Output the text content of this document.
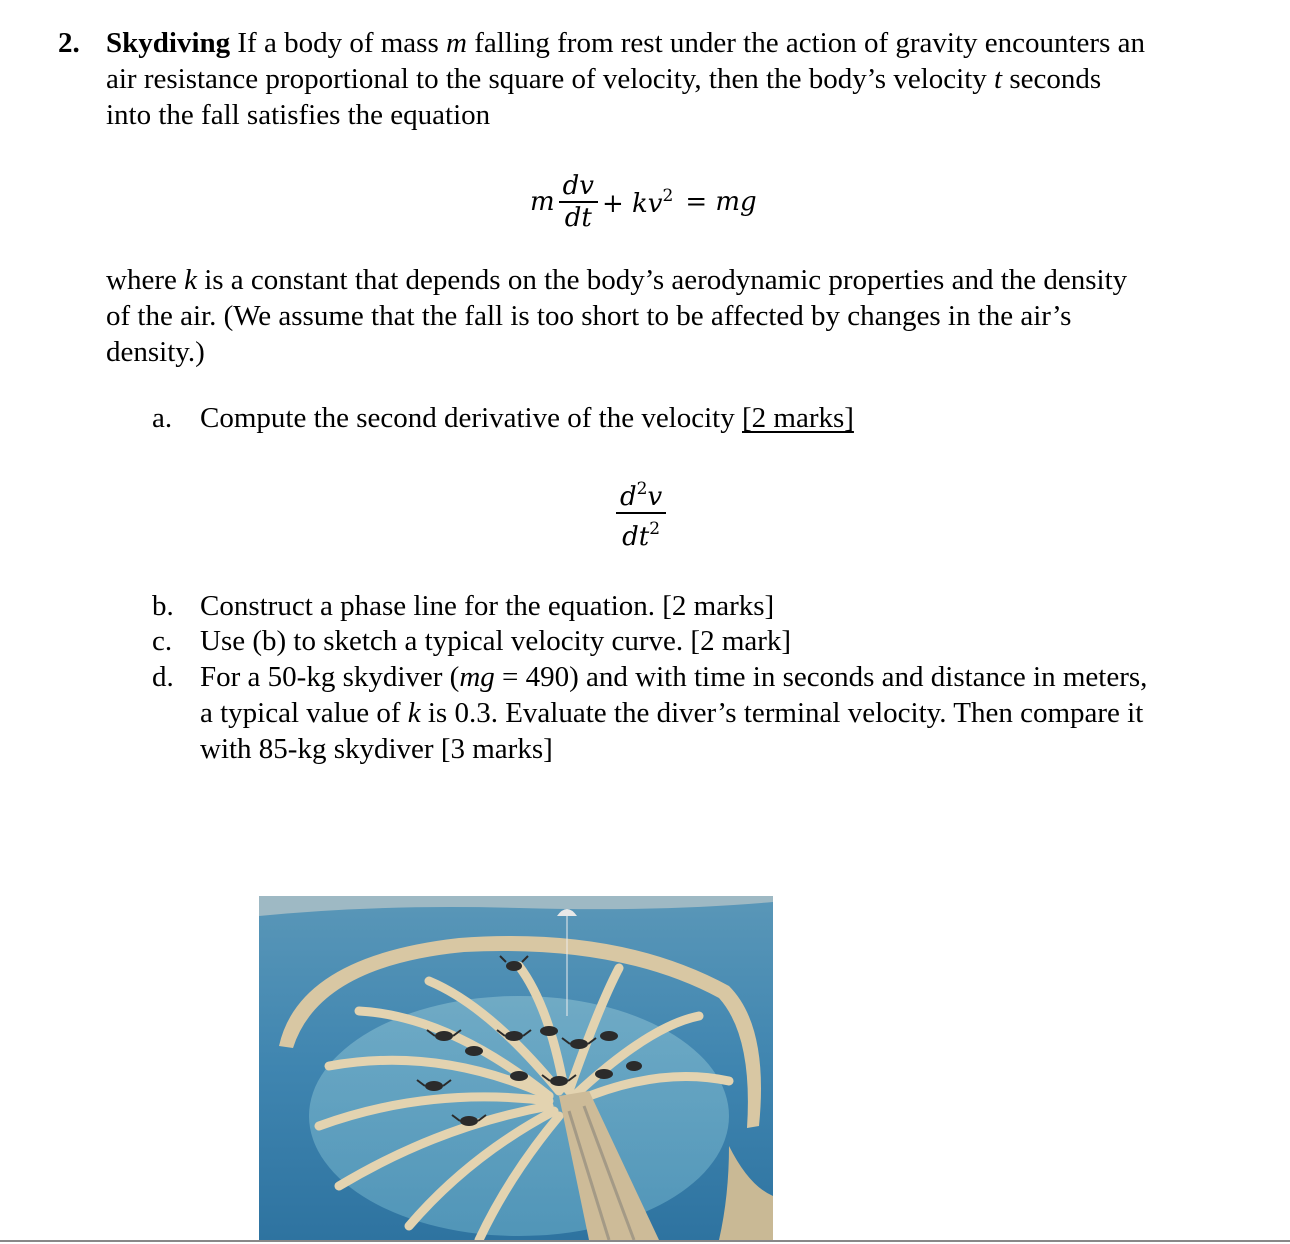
2. Skydiving If a body of mass m falling from rest under the action of gravity encounters an
air resistance proportional to the square of velocity, then the body’s velocity t seconds
into the fall satisfies the equation
m $\frac{dv}{dt} + kv^2$ = mg
where k is a constant that depends on the body’s aerodynamic properties and the density
of the air. (We assume that the fall is too short to be affected by changes in the air’s
density.)
a. Compute the second derivative of the velocity [2 marks]
$\frac{d^2v}{dt^2}$
b. Construct a phase line for the equation. [2 marks]
c. Use (b) to sketch a typical velocity curve. [2 mark]
d. For a 50-kg skydiver (mg = 490) and with time in seconds and distance in meters,
a typical value of k is 0.3. Evaluate the diver’s terminal velocity. Then compare it
with 85-kg skydiver [3 marks]
